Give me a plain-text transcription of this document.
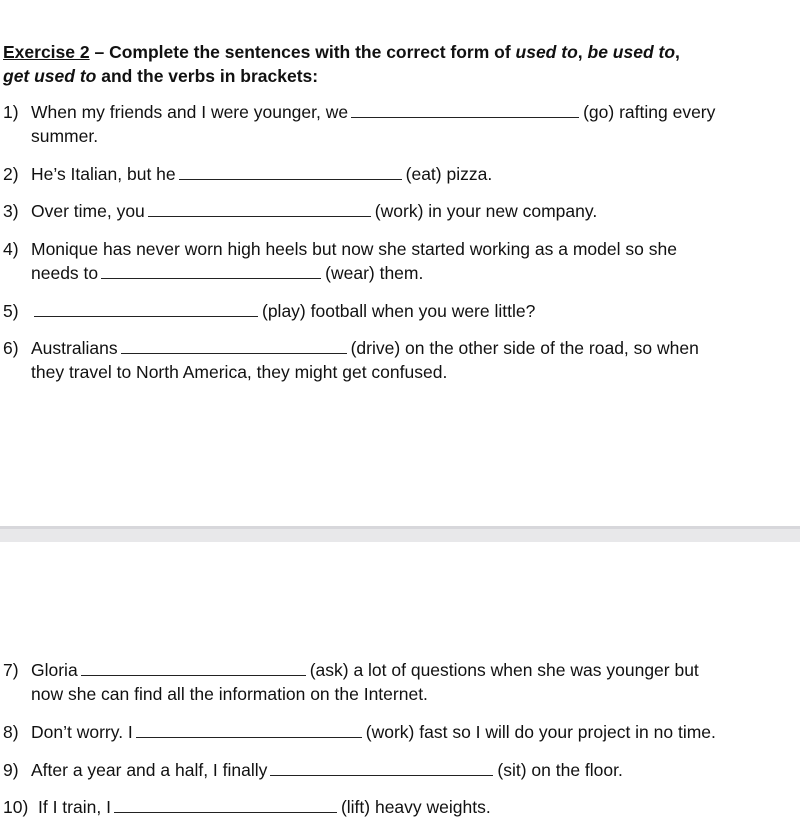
Exercise 2 – Complete the sentences with the correct form of used to, be used to,
get used to and the verbs in brackets:
1) When my friends and I were younger, we	(go) rafting every
summer.
2) He’s Italian, but he	(eat) pizza.
3) Over time, you	(work) in your new company.
4) Monique has never worn high heels but now she started working as a model so she
needs to	(wear) them.
5)	(play) football when you were little?
6) Australians	(drive) on the other side of the road, so when
they travel to North America, they might get confused.
7) Gloria	(ask) a lot of questions when she was younger but
now she can find all the information on the Internet.
8) Don’t worry. I	(work) fast so I will do your project in no time.
9) After a year and a half, I finally	(sit) on the floor.
10) If I train, I	(lift) heavy weights.
